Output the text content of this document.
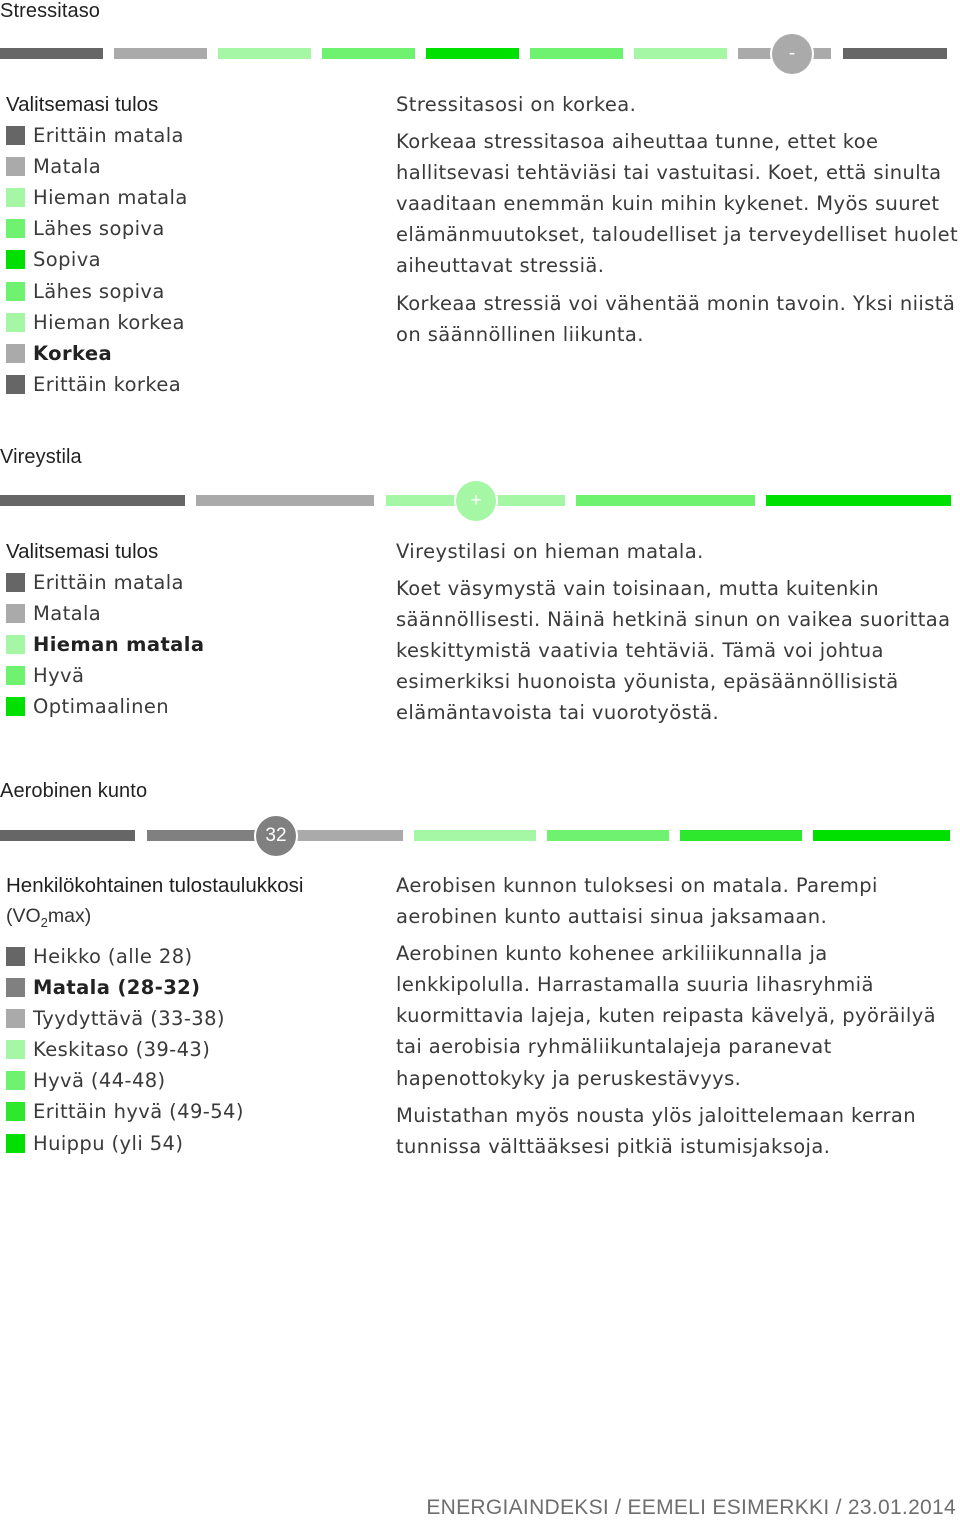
Stressitaso
-

Valitsemasi tulos

Erittäin matala
Matala
Hieman matala
Lähes sopiva
Sopiva
Lähes sopiva
Hieman korkea
Korkea
Erittäin korkea

Stressitasosi on korkea.

Korkeaa stressitasoa aiheuttaa tunne, ettet koe hallitsevasi tehtäviäsi tai vastuitasi. Koet, että sinulta vaaditaan enemmän kuin mihin kykenet. Myös suuret elämänmuutokset, taloudelliset ja terveydelliset huolet aiheuttavat stressiä.

Korkeaa stressiä voi vähentää monin tavoin. Yksi niistä on säännöllinen liikunta.

Vireystila
+

Valitsemasi tulos

Erittäin matala
Matala
Hieman matala
Hyvä
Optimaalinen

Vireystilasi on hieman matala.

Koet väsymystä vain toisinaan, mutta kuitenkin säännöllisesti. Näinä hetkinä sinun on vaikea suorittaa keskittymistä vaativia tehtäviä. Tämä voi johtua esimerkiksi huonoista yöunista, epäsäännöllisistä elämäntavoista tai vuorotyöstä.

Aerobinen kunto
32

Henkilökohtainen tulostaulukkosi

$(VO_2\max)$

Heikko (alle 28)
Matala (28-32)
Tyydyttävä (33-38)
Keskitaso (39-43)
Hyvä (44-48)
Erittäin hyvä (49-54)
Huippu (yli 54)

Aerobisen kunnon tuloksesi on matala. Parempi aerobinen kunto auttaisi sinua jaksamaan.

Aerobinen kunto kohenee arkiliikunnalla ja lenkkipolulla. Harrastamalla suuria lihasryhmiä kuormittavia lajeja, kuten reipasta kävelyä, pyöräilyä tai aerobisia ryhmäliikuntalajeja paranevat hapenottokyky ja peruskestävyys.

Muistathan myös nousta ylös jaloittelemaan kerran tunnissa välttääksesi pitkiä istumisjaksoja.

ENERGIAINDEKSI / EEMELI ESIMERKKI / 23.01.2014
